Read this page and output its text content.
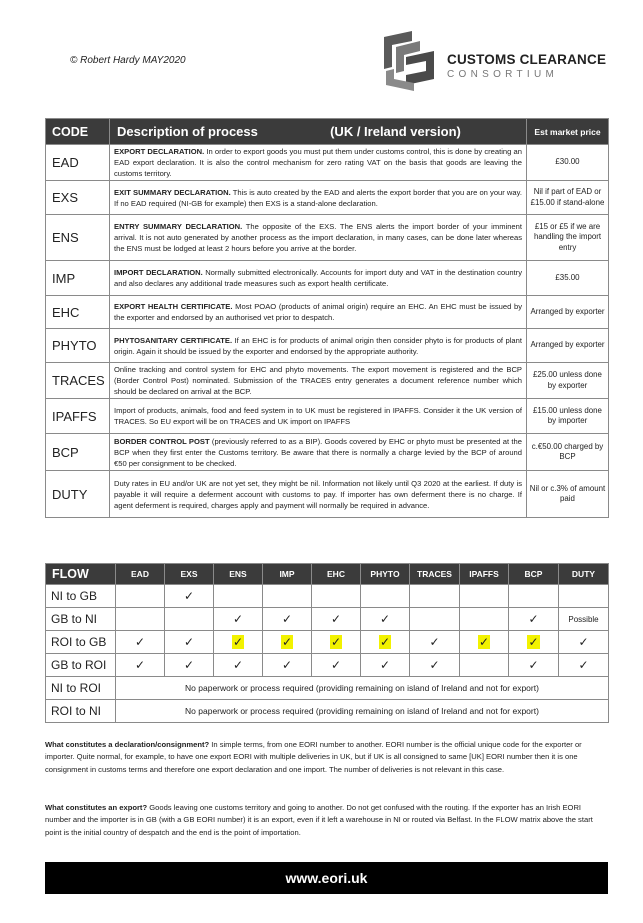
© Robert Hardy MAY2020	CUSTOMS CLEARANCE
CONSORTIUM
CODE	Description of process                    (UK / Ireland version)	Est market price
EAD	EXPORT DECLARATION. In order to export goods you must put them under customs control, this is done by creating an EAD export declaration. It is also the control mechanism for zero rating VAT on the basis that goods are leaving the customs territory.	£30.00
EXS	EXIT SUMMARY DECLARATION. This is auto created by the EAD and alerts the export border that you are on your way. If no EAD required (NI-GB for example) then EXS is a stand-alone declaration.	Nil if part of EAD or £15.00 if stand-alone
ENS	ENTRY SUMMARY DECLARATION. The opposite of the EXS. The ENS alerts the import border of your imminent arrival. It is not auto generated by another process as the import declaration, in many cases, can be done later whereas the ENS must be lodged at least 2 hours before you arrive at the border.	£15 or £5 if we are handling the import entry
IMP	IMPORT DECLARATION. Normally submitted electronically. Accounts for import duty and VAT in the destination country and also declares any additional trade measures such as export health certificate.	£35.00
EHC	EXPORT HEALTH CERTIFICATE. Most POAO (products of animal origin) require an EHC. An EHC must be issued by the exporter and endorsed by an authorised vet prior to despatch.	Arranged by exporter
PHYTO	PHYTOSANITARY CERTIFICATE. If an EHC is for products of animal origin then consider phyto is for products of plant origin. Again it should be issued by the exporter and endorsed by the appropriate authority.	Arranged by exporter
TRACES	Online tracking and control system for EHC and phyto movements. The export movement is registered and the BCP (Border Control Post) nominated. Submission of the TRACES entry generates a document reference number which should be declared on arrival at the BCP.	£25.00 unless done by exporter
IPAFFS	Import of products, animals, food and feed system in to UK must be registered in IPAFFS. Consider it the UK version of TRACES. So EU export will be on TRACES and UK import on IPAFFS	£15.00 unless done by importer
BCP	BORDER CONTROL POST (previously referred to as a BIP). Goods covered by EHC or phyto must be presented at the BCP when they first enter the Customs territory. Be aware that there is normally a charge levied by the BCP of around €50 per consignment to be checked.	c.€50.00 charged by BCP
DUTY	Duty rates in EU and/or UK are not yet set, they might be nil. Information not likely until Q3 2020 at the earliest. If duty is payable it will require a deferment account with customs to pay. If importer has own deferment there is no charge. If agent deferment is required, charges apply and payment will normally be required in advance.	Nil or c.3% of amount paid
FLOW	EAD	EXS	ENS	IMP	EHC	PHYTO	TRACES	IPAFFS	BCP	DUTY
NI to GB		✓								
GB to NI			✓	✓	✓	✓			✓	Possible
ROI to GB	✓	✓	✓	✓	✓	✓	✓	✓	✓	✓
GB to ROI	✓	✓	✓	✓	✓	✓	✓		✓	✓
NI to ROI	No paperwork or process required (providing remaining on island of Ireland and not for export)									
ROI to NI	No paperwork or process required (providing remaining on island of Ireland and not for export)									
What constitutes a declaration/consignment? In simple terms, from one EORI number to another. EORI number is the official unique code for the exporter or importer. Quite normal, for example, to have one export EORI with multiple deliveries in UK, but if UK is all consigned to same [UK] EORI number then it is one consignment in customs terms and therefore one export declaration and one import. The number of deliveries is not relevant in this case.
What constitutes an export? Goods leaving one customs territory and going to another. Do not get confused with the routing. If the exporter has an Irish EORI number and the importer is in GB (with a GB EORI number) it is an export, even if it left a warehouse in NI or routed via Belfast. In the FLOW matrix above the start point is the initial country of despatch and the end is the point of importation.
www.eori.uk
